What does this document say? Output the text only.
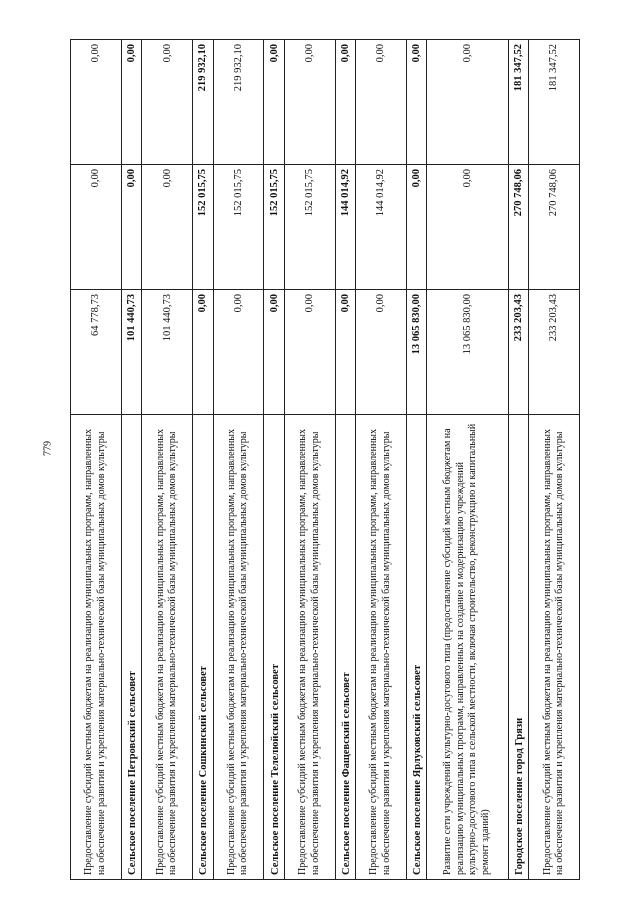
779	Предоставление субсидий местным бюджетам на реализацию муниципальных программ, направленных на обеспечение развития и укрепления материально-технической базы муниципальных домов культуры	64 778,73	0,00	0,00
Сельское поселение Петровский сельсовет	101 440,73	0,00	0,00
Предоставление субсидий местным бюджетам на реализацию муниципальных программ, направленных на обеспечение развития и укрепления материально-технической базы муниципальных домов культуры	101 440,73	0,00	0,00
Сельское поселение Сошкинский сельсовет	0,00	152 015,75	219 932,10
Предоставление субсидий местным бюджетам на реализацию муниципальных программ, направленных на обеспечение развития и укрепления материально-технической базы муниципальных домов культуры	0,00	152 015,75	219 932,10
Сельское поселение Телелюйский сельсовет	0,00	152 015,75	0,00
Предоставление субсидий местным бюджетам на реализацию муниципальных программ, направленных на обеспечение развития и укрепления материально-технической базы муниципальных домов культуры	0,00	152 015,75	0,00
Сельское поселение Фащевский сельсовет	0,00	144 014,92	0,00
Предоставление субсидий местным бюджетам на реализацию муниципальных программ, направленных на обеспечение развития и укрепления материально-технической базы муниципальных домов культуры	0,00	144 014,92	0,00
Сельское поселение Ярлуковский сельсовет	13 065 830,00	0,00	0,00
Развитие сети учреждений культурно-досугового типа (предоставление субсидий местным бюджетам на реализацию муниципальных программ, направленных на создание и модернизацию учреждений культурно-досугового типа в сельской местности, включая строительство, реконструкцию и капитальный ремонт зданий)	13 065 830,00	0,00	0,00
Городское поселение город Грязи	233 203,43	270 748,06	181 347,52
Предоставление субсидий местным бюджетам на реализацию муниципальных программ, направленных на обеспечение развития и укрепления материально-технической базы муниципальных домов культуры	233 203,43	270 748,06	181 347,52
